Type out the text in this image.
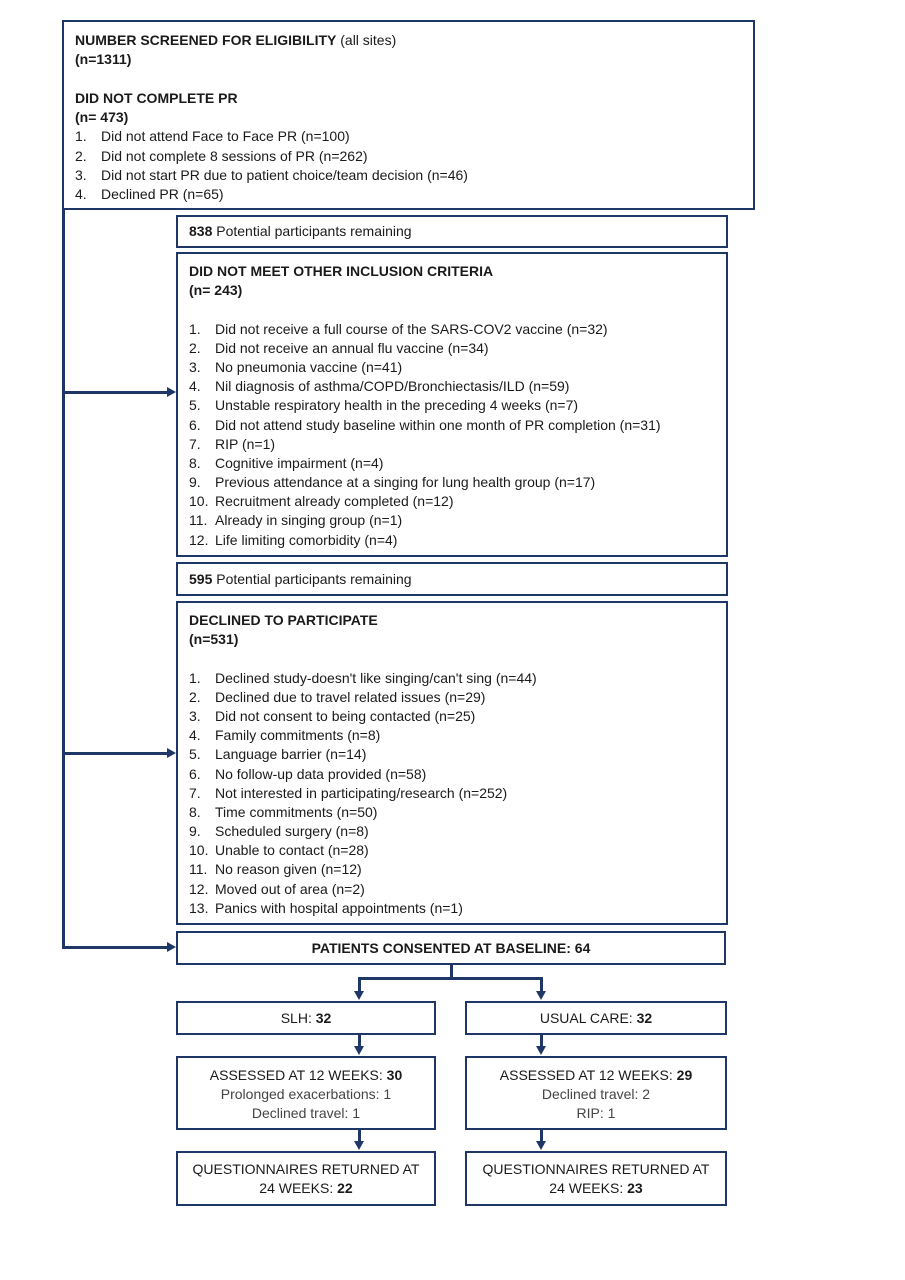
NUMBER SCREENED FOR ELIGIBILITY (all sites)
(n=1311)
DID NOT COMPLETE PR
(n= 473)
1. Did not attend Face to Face PR (n=100)
2. Did not complete 8 sessions of PR (n=262)
3. Did not start PR due to patient choice/team decision (n=46)
4. Declined PR (n=65)
838 Potential participants remaining
DID NOT MEET OTHER INCLUSION CRITERIA
(n= 243)
1. Did not receive a full course of the SARS-COV2 vaccine (n=32)
2. Did not receive an annual flu vaccine (n=34)
3. No pneumonia vaccine (n=41)
4. Nil diagnosis of asthma/COPD/Bronchiectasis/ILD (n=59)
5. Unstable respiratory health in the preceding 4 weeks (n=7)
6. Did not attend study baseline within one month of PR completion (n=31)
7. RIP (n=1)
8. Cognitive impairment (n=4)
9. Previous attendance at a singing for lung health group (n=17)
10. Recruitment already completed (n=12)
11. Already in singing group (n=1)
12. Life limiting comorbidity (n=4)
595 Potential participants remaining
DECLINED TO PARTICIPATE
(n=531)
1. Declined study-doesn't like singing/can't sing (n=44)
2. Declined due to travel related issues (n=29)
3. Did not consent to being contacted (n=25)
4. Family commitments (n=8)
5. Language barrier (n=14)
6. No follow-up data provided (n=58)
7. Not interested in participating/research (n=252)
8. Time commitments (n=50)
9. Scheduled surgery (n=8)
10. Unable to contact (n=28)
11. No reason given (n=12)
12. Moved out of area (n=2)
13. Panics with hospital appointments (n=1)
PATIENTS CONSENTED AT BASELINE: 64
SLH: 32
ASSESSED AT 12 WEEKS: 30
Prolonged exacerbations: 1
Declined travel: 1
QUESTIONNAIRES RETURNED AT
24 WEEKS: 22
USUAL CARE: 32
ASSESSED AT 12 WEEKS: 29
Declined travel: 2
RIP: 1
QUESTIONNAIRES RETURNED AT
24 WEEKS: 23
